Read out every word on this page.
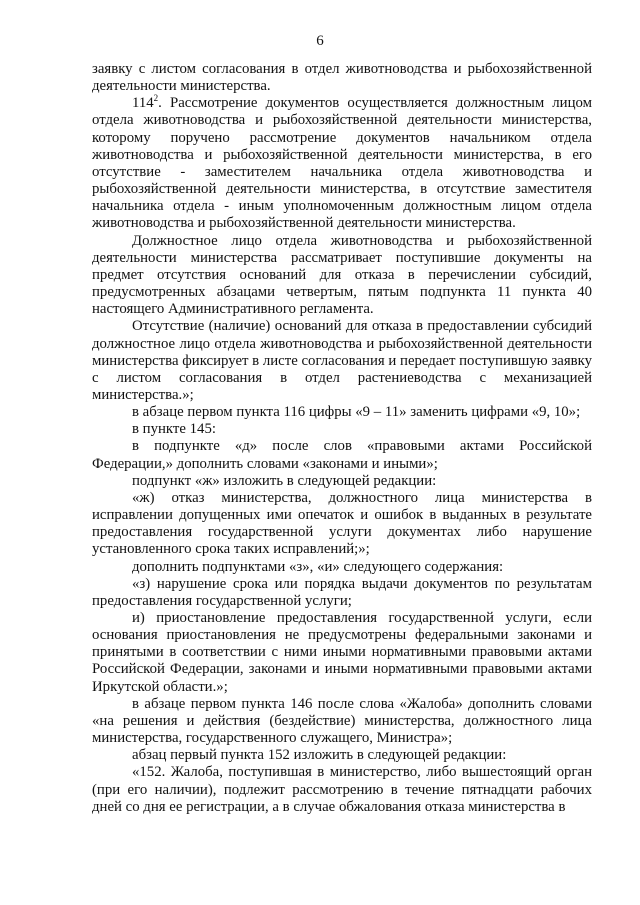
6

заявку с листом согласования в отдел животноводства и рыбохозяйственной деятельности министерства.

$114^2$. Рассмотрение документов осуществляется должностным лицом отдела животноводства и рыбохозяйственной деятельности министерства, которому поручено рассмотрение документов начальником отдела животноводства и рыбохозяйственной деятельности министерства, в его отсутствие - заместителем начальника отдела животноводства и рыбохозяйственной деятельности министерства, в отсутствие заместителя начальника отдела - иным уполномоченным должностным лицом отдела животноводства и рыбохозяйственной деятельности министерства.

Должностное лицо отдела животноводства и рыбохозяйственной деятельности министерства рассматривает поступившие документы на предмет отсутствия оснований для отказа в перечислении субсидий, предусмотренных абзацами четвертым, пятым подпункта 11 пункта 40 настоящего Административного регламента.

Отсутствие (наличие) оснований для отказа в предоставлении субсидий должностное лицо отдела животноводства и рыбохозяйственной деятельности министерства фиксирует в листе согласования и передает поступившую заявку с листом согласования в отдел растениеводства с механизацией министерства.»;

в абзаце первом пункта 116 цифры «9 – 11» заменить цифрами «9, 10»;

в пункте 145:

в подпункте «д» после слов «правовыми актами Российской Федерации,» дополнить словами «законами и иными»;

подпункт «ж» изложить в следующей редакции:

«ж) отказ министерства, должностного лица министерства в исправлении допущенных ими опечаток и ошибок в выданных в результате предоставления государственной услуги документах либо нарушение установленного срока таких исправлений;»;

дополнить подпунктами «з», «и» следующего содержания:

«з) нарушение срока или порядка выдачи документов по результатам предоставления государственной услуги;

и) приостановление предоставления государственной услуги, если основания приостановления не предусмотрены федеральными законами и принятыми в соответствии с ними иными нормативными правовыми актами Российской Федерации, законами и иными нормативными правовыми актами Иркутской области.»;

в абзаце первом пункта 146 после слова «Жалоба» дополнить словами «на решения и действия (бездействие) министерства, должностного лица министерства, государственного служащего, Министра»;

абзац первый пункта 152 изложить в следующей редакции:

«152. Жалоба, поступившая в министерство, либо вышестоящий орган (при его наличии), подлежит рассмотрению в течение пятнадцати рабочих дней со дня ее регистрации, а в случае обжалования отказа министерства в
